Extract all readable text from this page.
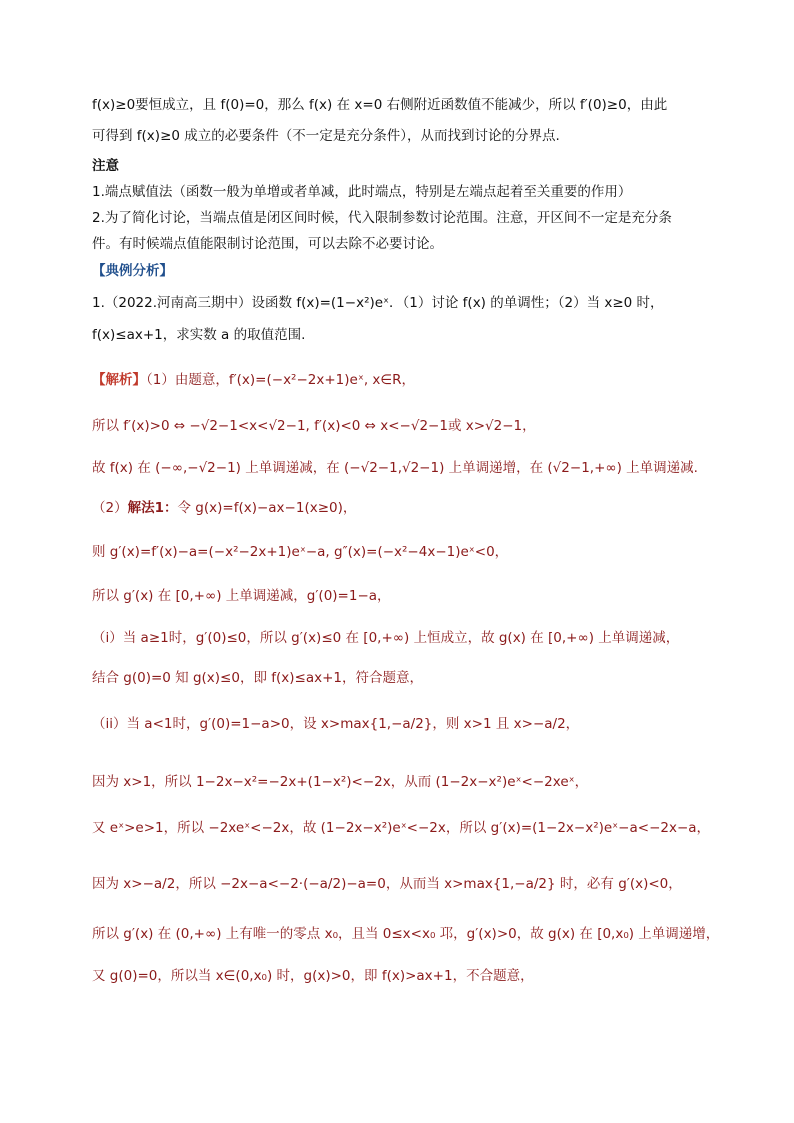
f(x)≥0要恒成立，且 f(0)=0，那么 f(x) 在 x=0 右侧附近函数值不能减少，所以 f′(0)≥0，由此
可得到 f(x)≥0 成立的必要条件（不一定是充分条件），从而找到讨论的分界点.
注意
1.端点赋值法（函数一般为单增或者单减，此时端点，特别是左端点起着至关重要的作用）
2.为了简化讨论，当端点值是闭区间时候，代入限制参数讨论范围。注意，开区间不一定是充分条
件。有时候端点值能限制讨论范围，可以去除不必要讨论。
【典例分析】
1.（2022.河南高三期中）设函数 f(x)=(1−x²)eˣ．（1）讨论 f(x) 的单调性；（2）当 x≥0 时，
f(x)≤ax+1，求实数 a 的取值范围.
【解析】（1）由题意，f′(x)=(−x²−2x+1)eˣ, x∈R，
所以 f′(x)>0 ⇔ −√2−1<x<√2−1, f′(x)<0 ⇔ x<−√2−1或 x>√2−1，
故 f(x) 在 (−∞,−√2−1) 上单调递减，在 (−√2−1,√2−1) 上单调递增，在 (√2−1,+∞) 上单调递减.
（2）解法1：令 g(x)=f(x)−ax−1(x≥0)，
则 g′(x)=f′(x)−a=(−x²−2x+1)eˣ−a, g″(x)=(−x²−4x−1)eˣ<0，
所以 g′(x) 在 [0,+∞) 上单调递减，g′(0)=1−a，
（i）当 a≥1时，g′(0)≤0，所以 g′(x)≤0 在 [0,+∞) 上恒成立，故 g(x) 在 [0,+∞) 上单调递减，
结合 g(0)=0 知 g(x)≤0，即 f(x)≤ax+1，符合题意，
（ii）当 a<1时，g′(0)=1−a>0，设 x>max{1,−a/2}，则 x>1 且 x>−a/2，
因为 x>1，所以 1−2x−x²=−2x+(1−x²)<−2x，从而 (1−2x−x²)eˣ<−2xeˣ，
又 eˣ>e>1，所以 −2xeˣ<−2x，故 (1−2x−x²)eˣ<−2x，所以 g′(x)=(1−2x−x²)eˣ−a<−2x−a，
因为 x>−a/2，所以 −2x−a<−2·(−a/2)−a=0，从而当 x>max{1,−a/2} 时，必有 g′(x)<0，
所以 g′(x) 在 (0,+∞) 上有唯一的零点 x₀，且当 0≤x<x₀ 邛，g′(x)>0，故 g(x) 在 [0,x₀) 上单调递增，
又 g(0)=0，所以当 x∈(0,x₀) 时，g(x)>0，即 f(x)>ax+1，不合题意，
